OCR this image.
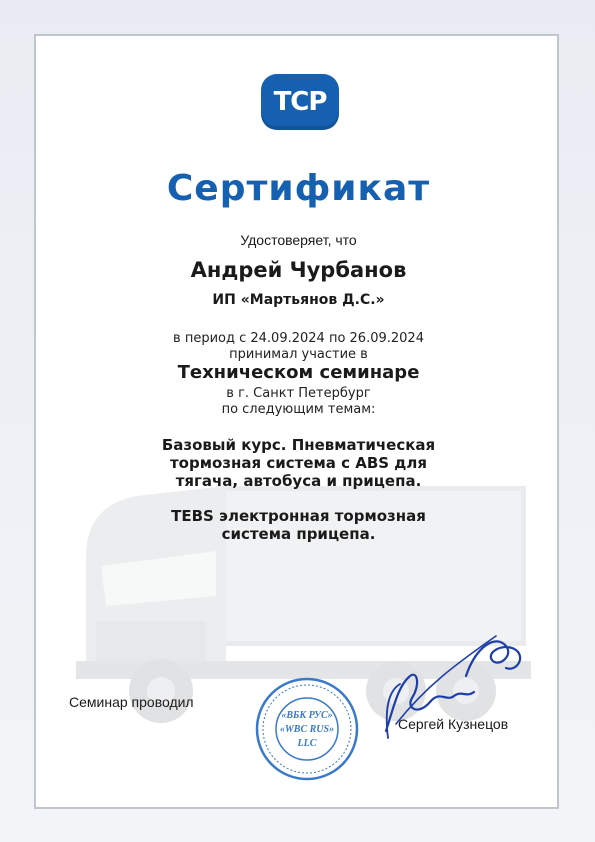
TCP
Сертификат
Удостоверяет, что
Андрей Чурбанов
ИП «Мартьянов Д.С.»
в период с 24.09.2024 по 26.09.2024
принимал участие в
Техническом семинаре
в г. Санкт Петербург
по следующим темам:
Базовый курс. Пневматическая
тормозная система с ABS для
тягача, автобуса и прицепа.
TEBS электронная тормозная
система прицепа.
Семинар проводил
«ВБК РУС»
«WBC RUS»
LLC
Сергей Кузнецов
